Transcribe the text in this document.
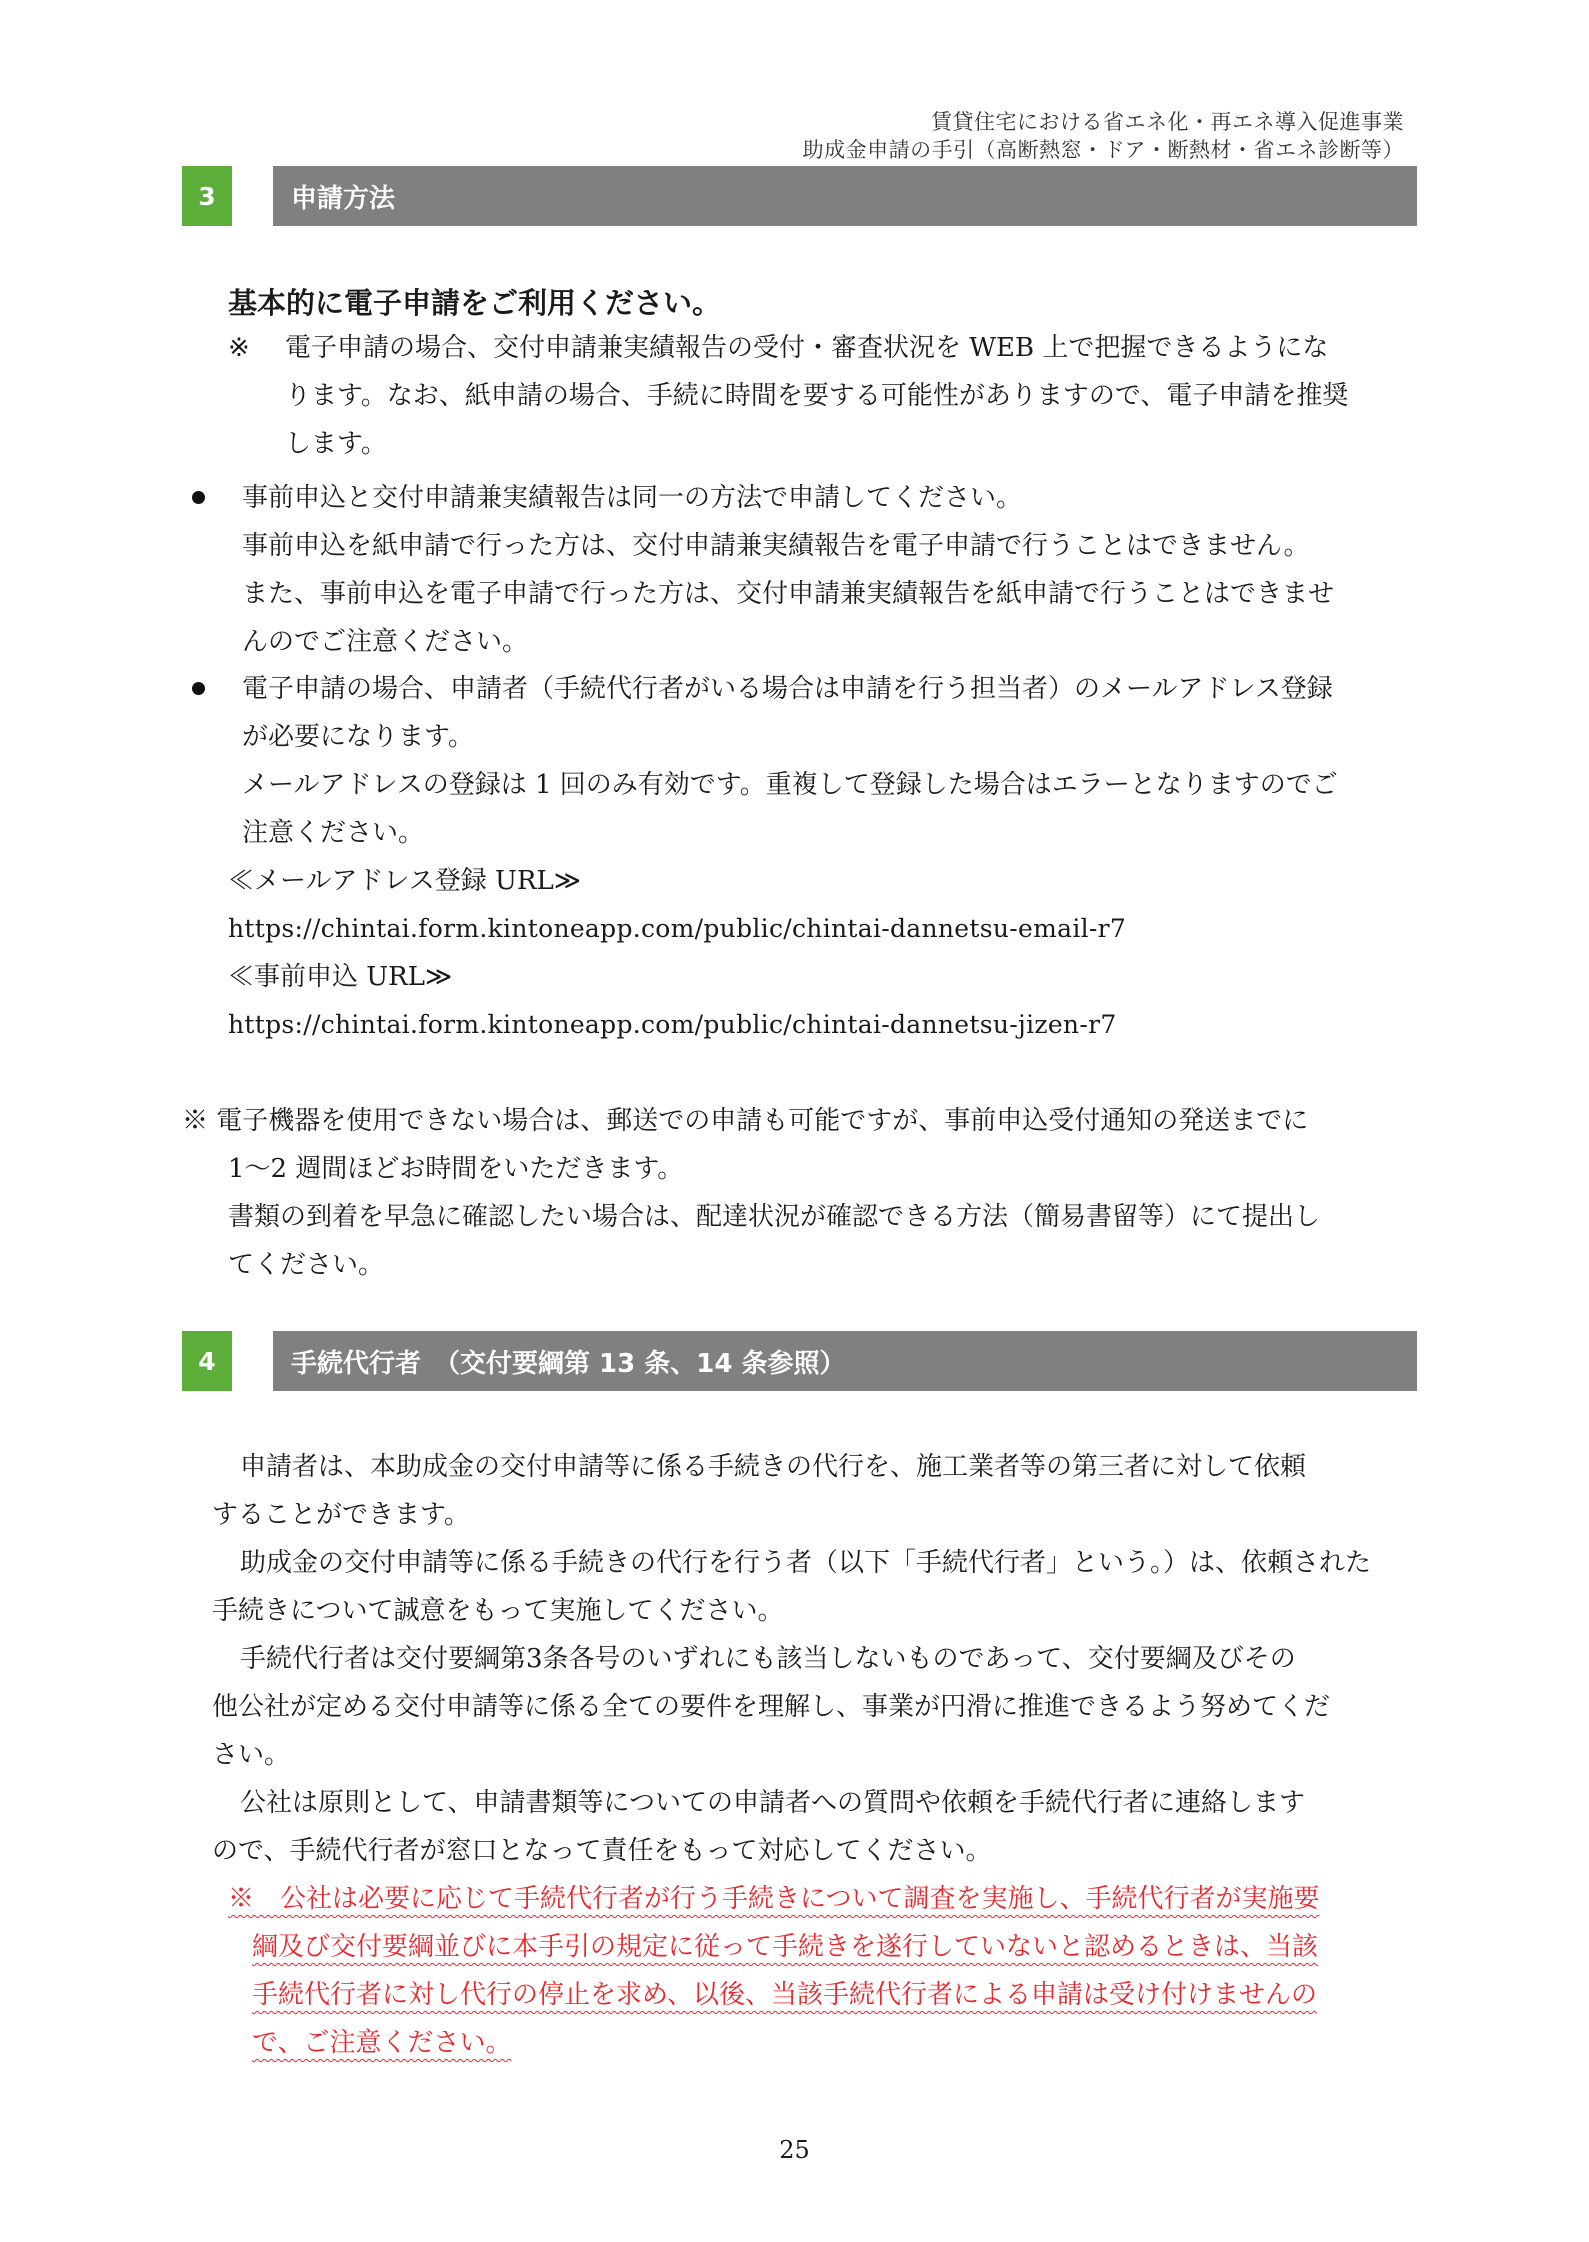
賃貸住宅における省エネ化・再エネ導入促進事業
助成金申請の手引（高断熱窓・ドア・断熱材・省エネ診断等）
3	申請方法
基本的に電子申請をご利用ください。
※ 電子申請の場合、交付申請兼実績報告の受付・審査状況を WEB 上で把握できるようにな
ります。なお、紙申請の場合、手続に時間を要する可能性がありますので、電子申請を推奨
します。
事前申込と交付申請兼実績報告は同一の方法で申請してください。
事前申込を紙申請で行った方は、交付申請兼実績報告を電子申請で行うことはできません。
また、事前申込を電子申請で行った方は、交付申請兼実績報告を紙申請で行うことはできませ
んのでご注意ください。
電子申請の場合、申請者（手続代行者がいる場合は申請を行う担当者）のメールアドレス登録
が必要になります。
メールアドレスの登録は 1 回のみ有効です。重複して登録した場合はエラーとなりますのでご
注意ください。
≪メールアドレス登録 URL≫
https://chintai.form.kintoneapp.com/public/chintai-dannetsu-email-r7
≪事前申込 URL≫
https://chintai.form.kintoneapp.com/public/chintai-dannetsu-jizen-r7
※ 電子機器を使用できない場合は、郵送での申請も可能ですが、事前申込受付通知の発送までに
1～2 週間ほどお時間をいただきます。
書類の到着を早急に確認したい場合は、配達状況が確認できる方法（簡易書留等）にて提出し
てください。
4	手続代行者　（交付要綱第 13 条、14 条参照）
申請者は、本助成金の交付申請等に係る手続きの代行を、施工業者等の第三者に対して依頼
することができます。
助成金の交付申請等に係る手続きの代行を行う者（以下「手続代行者」という。）は、依頼された
手続きについて誠意をもって実施してください。
手続代行者は交付要綱第3条各号のいずれにも該当しないものであって、交付要綱及びその
他公社が定める交付申請等に係る全ての要件を理解し、事業が円滑に推進できるよう努めてくだ
さい。
公社は原則として、申請書類等についての申請者への質問や依頼を手続代行者に連絡します
ので、手続代行者が窓口となって責任をもって対応してください。
※　公社は必要に応じて手続代行者が行う手続きについて調査を実施し、手続代行者が実施要
綱及び交付要綱並びに本手引の規定に従って手続きを遂行していないと認めるときは、当該
手続代行者に対し代行の停止を求め、以後、当該手続代行者による申請は受け付けませんの
で、ご注意ください。
25
